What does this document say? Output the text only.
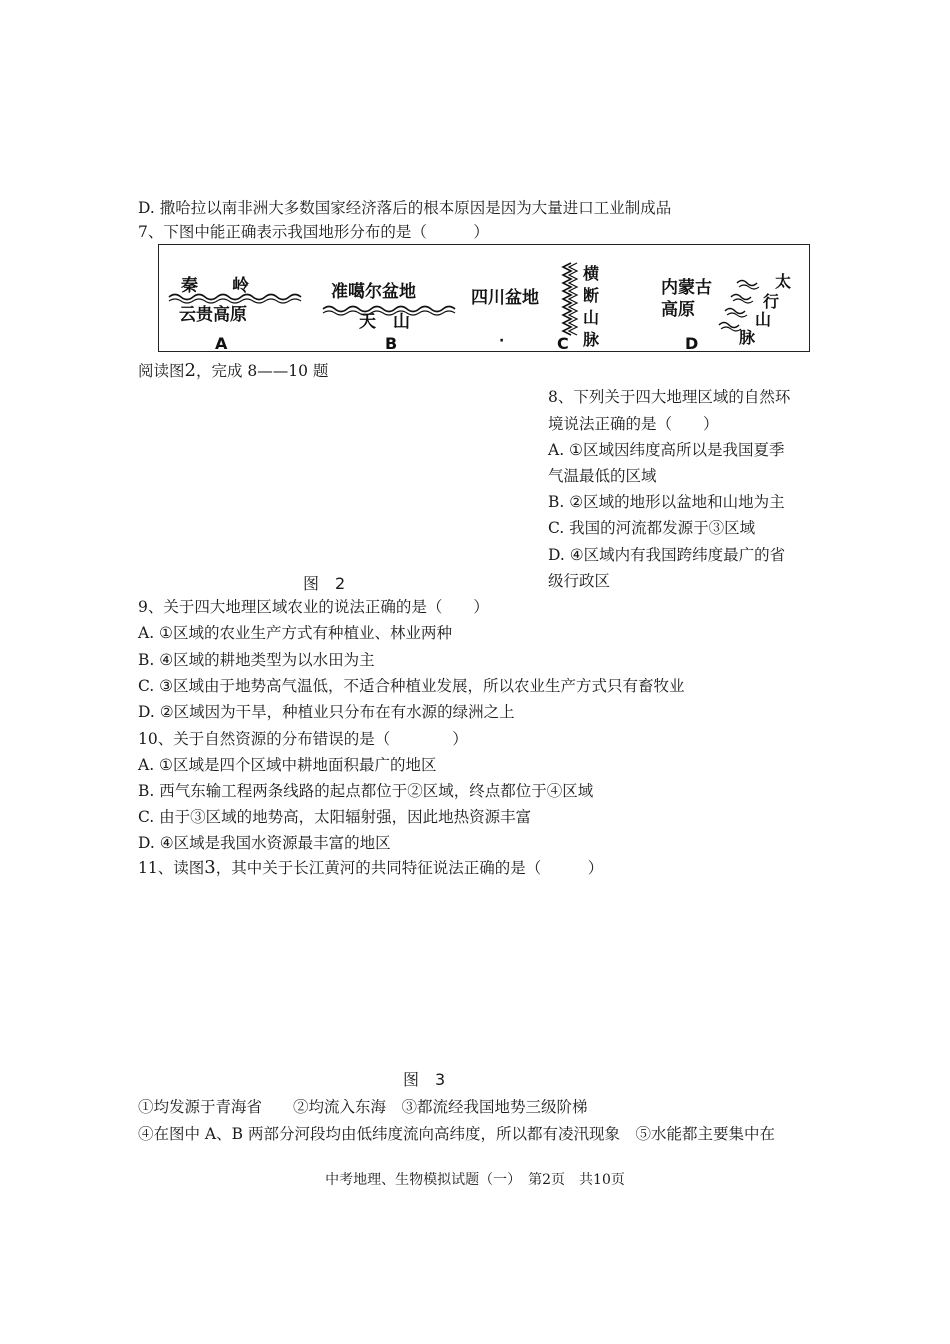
D. 撒哈拉以南非洲大多数国家经济落后的根本原因是因为大量进口工业制成品
7、下图中能正确表示我国地形分布的是（　　　）
秦　　岭
云贵高原
A
准噶尔盆地
天　山
B
四川盆地
横
断
山
脉
·	C
内蒙古
高原
太
行
山
脉
D
阅读图2，完成 8——10 题
8、下列关于四大地理区域的自然环
境说法正确的是（　　）
A. ①区域因纬度高所以是我国夏季
气温最低的区域
B. ②区域的地形以盆地和山地为主
C. 我国的河流都发源于③区域
D. ④区域内有我国跨纬度最广的省
级行政区
图　2
9、关于四大地理区域农业的说法正确的是（　　）
A. ①区域的农业生产方式有种植业、林业两种
B. ④区域的耕地类型为以水田为主
C. ③区域由于地势高气温低，不适合种植业发展，所以农业生产方式只有畜牧业
D. ②区域因为干旱，种植业只分布在有水源的绿洲之上
10、关于自然资源的分布错误的是（　　　　）
A. ①区域是四个区域中耕地面积最广的地区
B. 西气东输工程两条线路的起点都位于②区域，终点都位于④区域
C. 由于③区域的地势高，太阳辐射强，因此地热资源丰富
D. ④区域是我国水资源最丰富的地区
11、读图3，其中关于长江黄河的共同特征说法正确的是（　　　）
图　3
①均发源于青海省　　②均流入东海　③都流经我国地势三级阶梯
④在图中 A、B 两部分河段均由低纬度流向高纬度，所以都有凌汛现象　⑤水能都主要集中在
中考地理、生物模拟试题（一）　第2页　共10页
